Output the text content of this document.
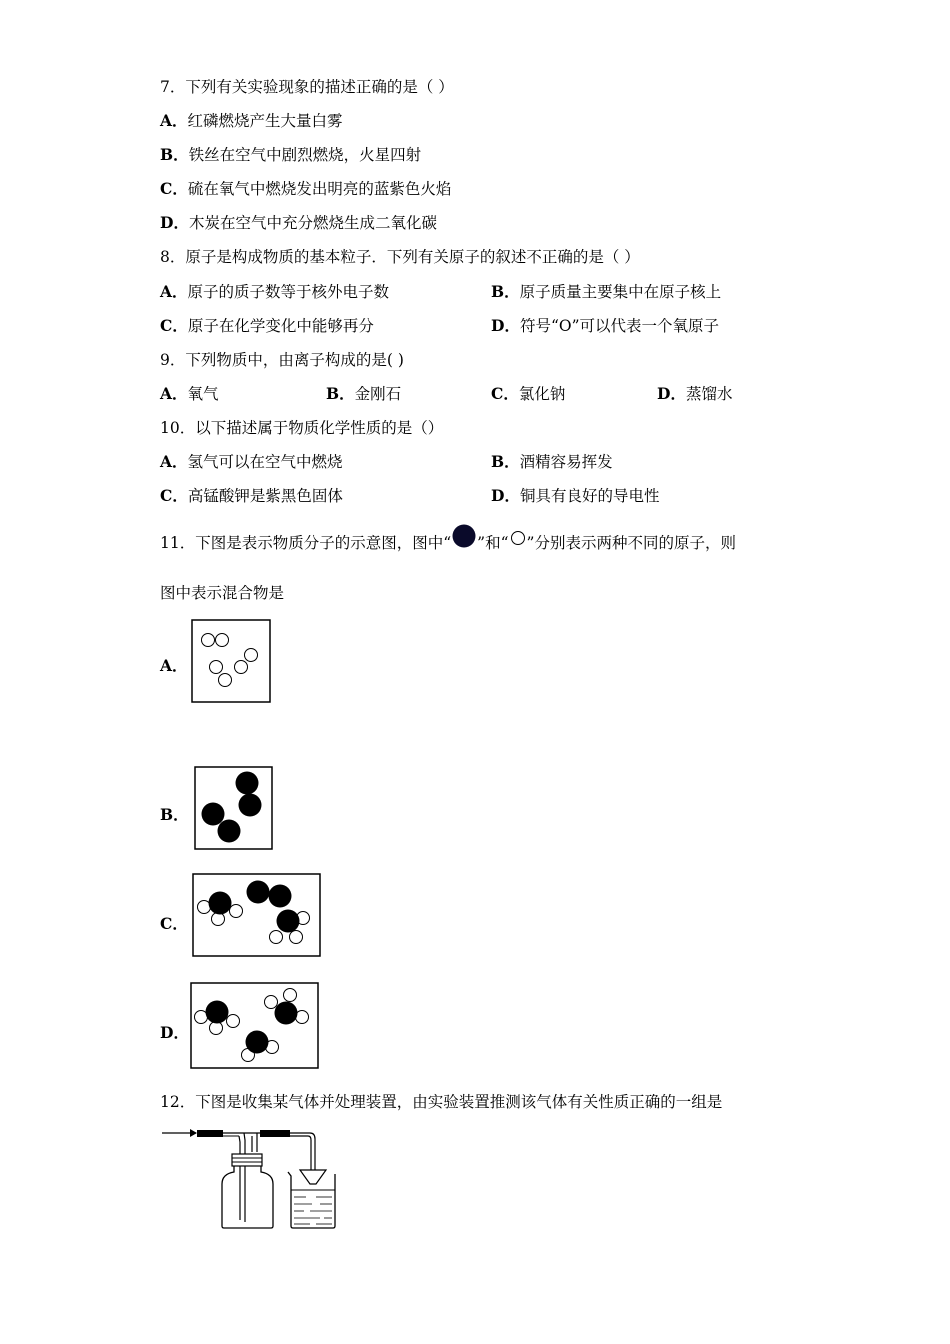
7．下列有关实验现象的描述正确的是（ ）
A．红磷燃烧产生大量白雾
B．铁丝在空气中剧烈燃烧，火星四射
C．硫在氧气中燃烧发出明亮的蓝紫色火焰
D．木炭在空气中充分燃烧生成二氧化碳
8．原子是构成物质的基本粒子．下列有关原子的叙述不正确的是（ ）
A．原子的质子数等于核外电子数	B．原子质量主要集中在原子核上
C．原子在化学变化中能够再分	D．符号“O”可以代表一个氧原子
9．下列物质中，由离子构成的是( )
A．氧气	B．金刚石	C．氯化钠	D．蒸馏水
10．以下描述属于物质化学性质的是（）
A．氢气可以在空气中燃烧	B．酒精容易挥发
C．高锰酸钾是紫黑色固体	D．铜具有良好的导电性
11．下图是表示物质分子的示意图，图中“ ”和“ ”分别表示两种不同的原子，则
图中表示混合物是
A．
B．
C．
D．
12．下图是收集某气体并处理装置，由实验装置推测该气体有关性质正确的一组是
